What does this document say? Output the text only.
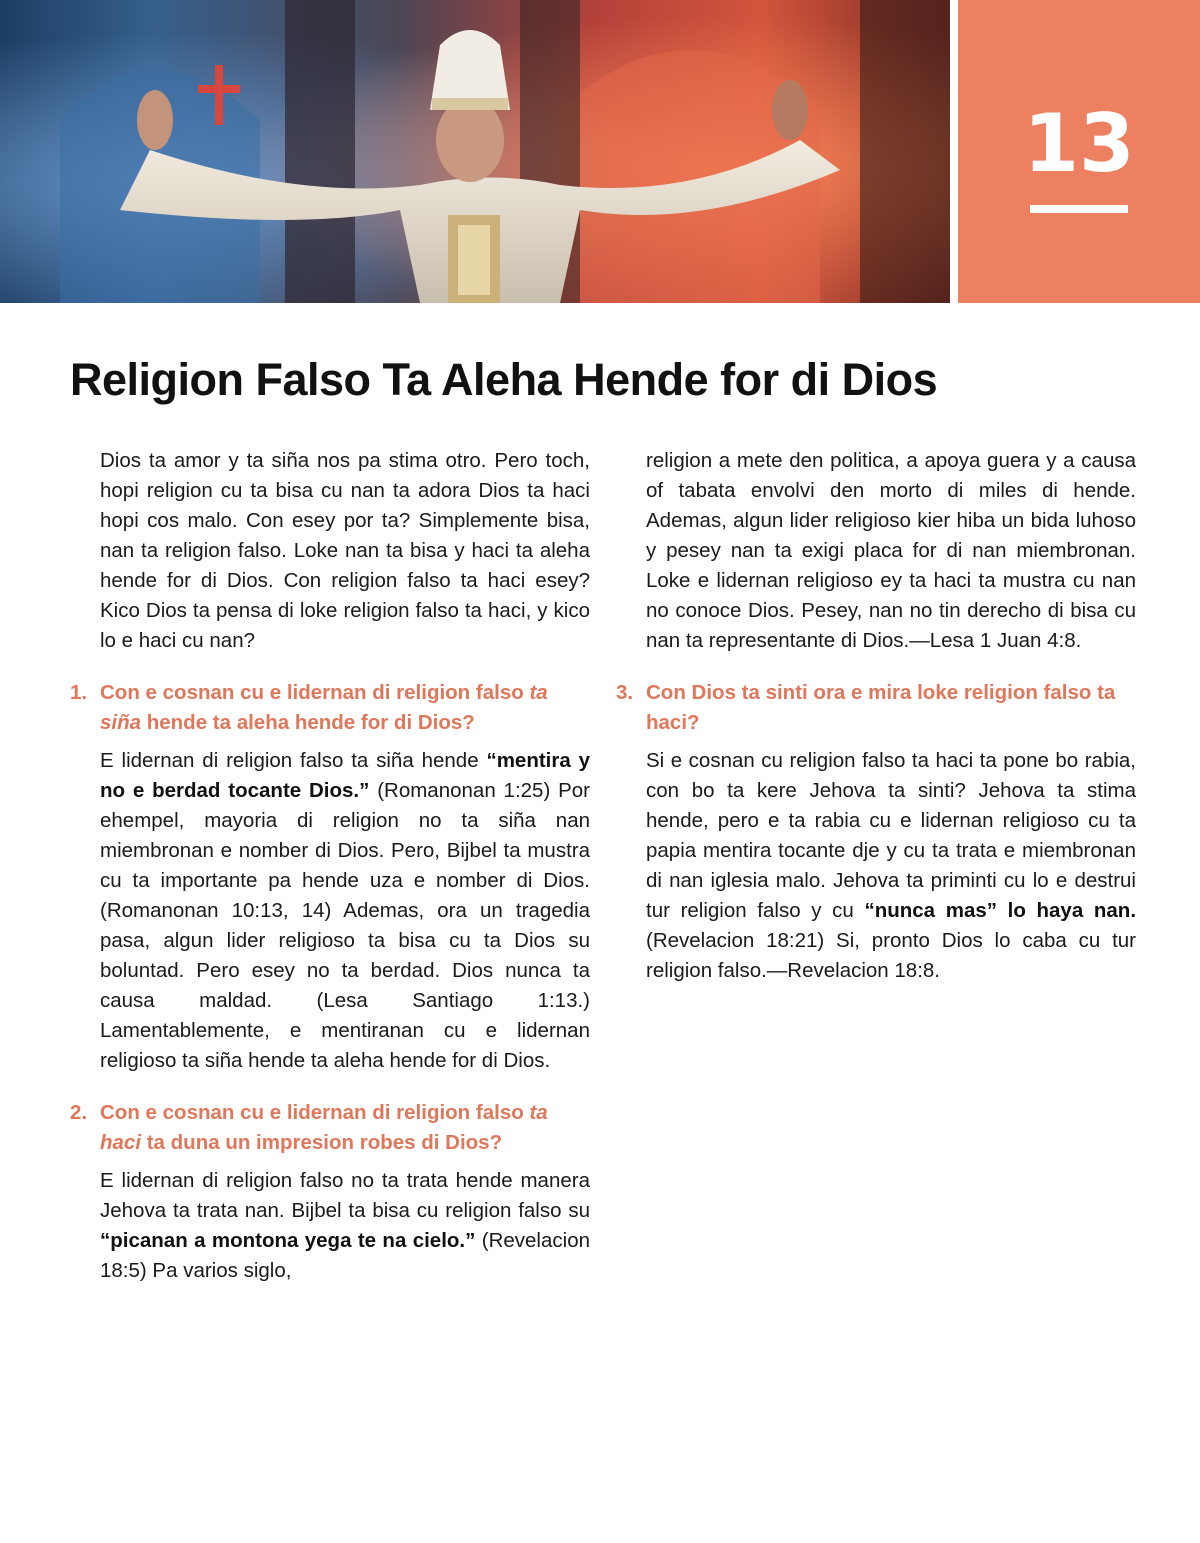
13
Religion Falso Ta Aleha Hende for di Dios

Dios ta amor y ta siña nos pa stima otro. Pero toch, hopi religion cu ta bisa cu nan ta adora Dios ta haci hopi cos malo. Con esey por ta? Simplemente bisa, nan ta religion falso. Loke nan ta bisa y haci ta aleha hende for di Dios. Con religion falso ta haci esey? Kico Dios ta pensa di loke religion falso ta haci, y kico lo e haci cu nan?

1. Con e cosnan cu e lidernan di religion falso ta siña hende ta aleha hende for di Dios?

E lidernan di religion falso ta siña hende “mentira y no e berdad tocante Dios.” (Romanonan 1:25) Por ehempel, mayoria di religion no ta siña nan miembronan e nomber di Dios. Pero, Bijbel ta mustra cu ta importante pa hende uza e nomber di Dios. (Romanonan 10:13, 14) Ademas, ora un tragedia pasa, algun lider religioso ta bisa cu ta Dios su boluntad. Pero esey no ta berdad. Dios nunca ta causa maldad. (Lesa Santiago 1:13.) Lamentablemente, e mentiranan cu e lidernan religioso ta siña hende ta aleha hende for di Dios.

2. Con e cosnan cu e lidernan di religion falso ta haci ta duna un impresion robes di Dios?

E lidernan di religion falso no ta trata hende manera Jehova ta trata nan. Bijbel ta bisa cu religion falso su “picanan a montona yega te na cielo.” (Revelacion 18:5) Pa varios siglo,

religion a mete den politica, a apoya guera y a causa of tabata envolvi den morto di miles di hende. Ademas, algun lider religioso kier hiba un bida luhoso y pesey nan ta exigi placa for di nan miembronan. Loke e lidernan religioso ey ta haci ta mustra cu nan no conoce Dios. Pesey, nan no tin derecho di bisa cu nan ta representante di Dios.—Lesa 1 Juan 4:8.

3. Con Dios ta sinti ora e mira loke religion falso ta haci?

Si e cosnan cu religion falso ta haci ta pone bo rabia, con bo ta kere Jehova ta sinti? Jehova ta stima hende, pero e ta rabia cu e lidernan religioso cu ta papia mentira tocante dje y cu ta trata e miembronan di nan iglesia malo. Jehova ta priminti cu lo e destrui tur religion falso y cu “nunca mas” lo haya nan. (Revelacion 18:21) Si, pronto Dios lo caba cu tur religion falso.—Revelacion 18:8.
